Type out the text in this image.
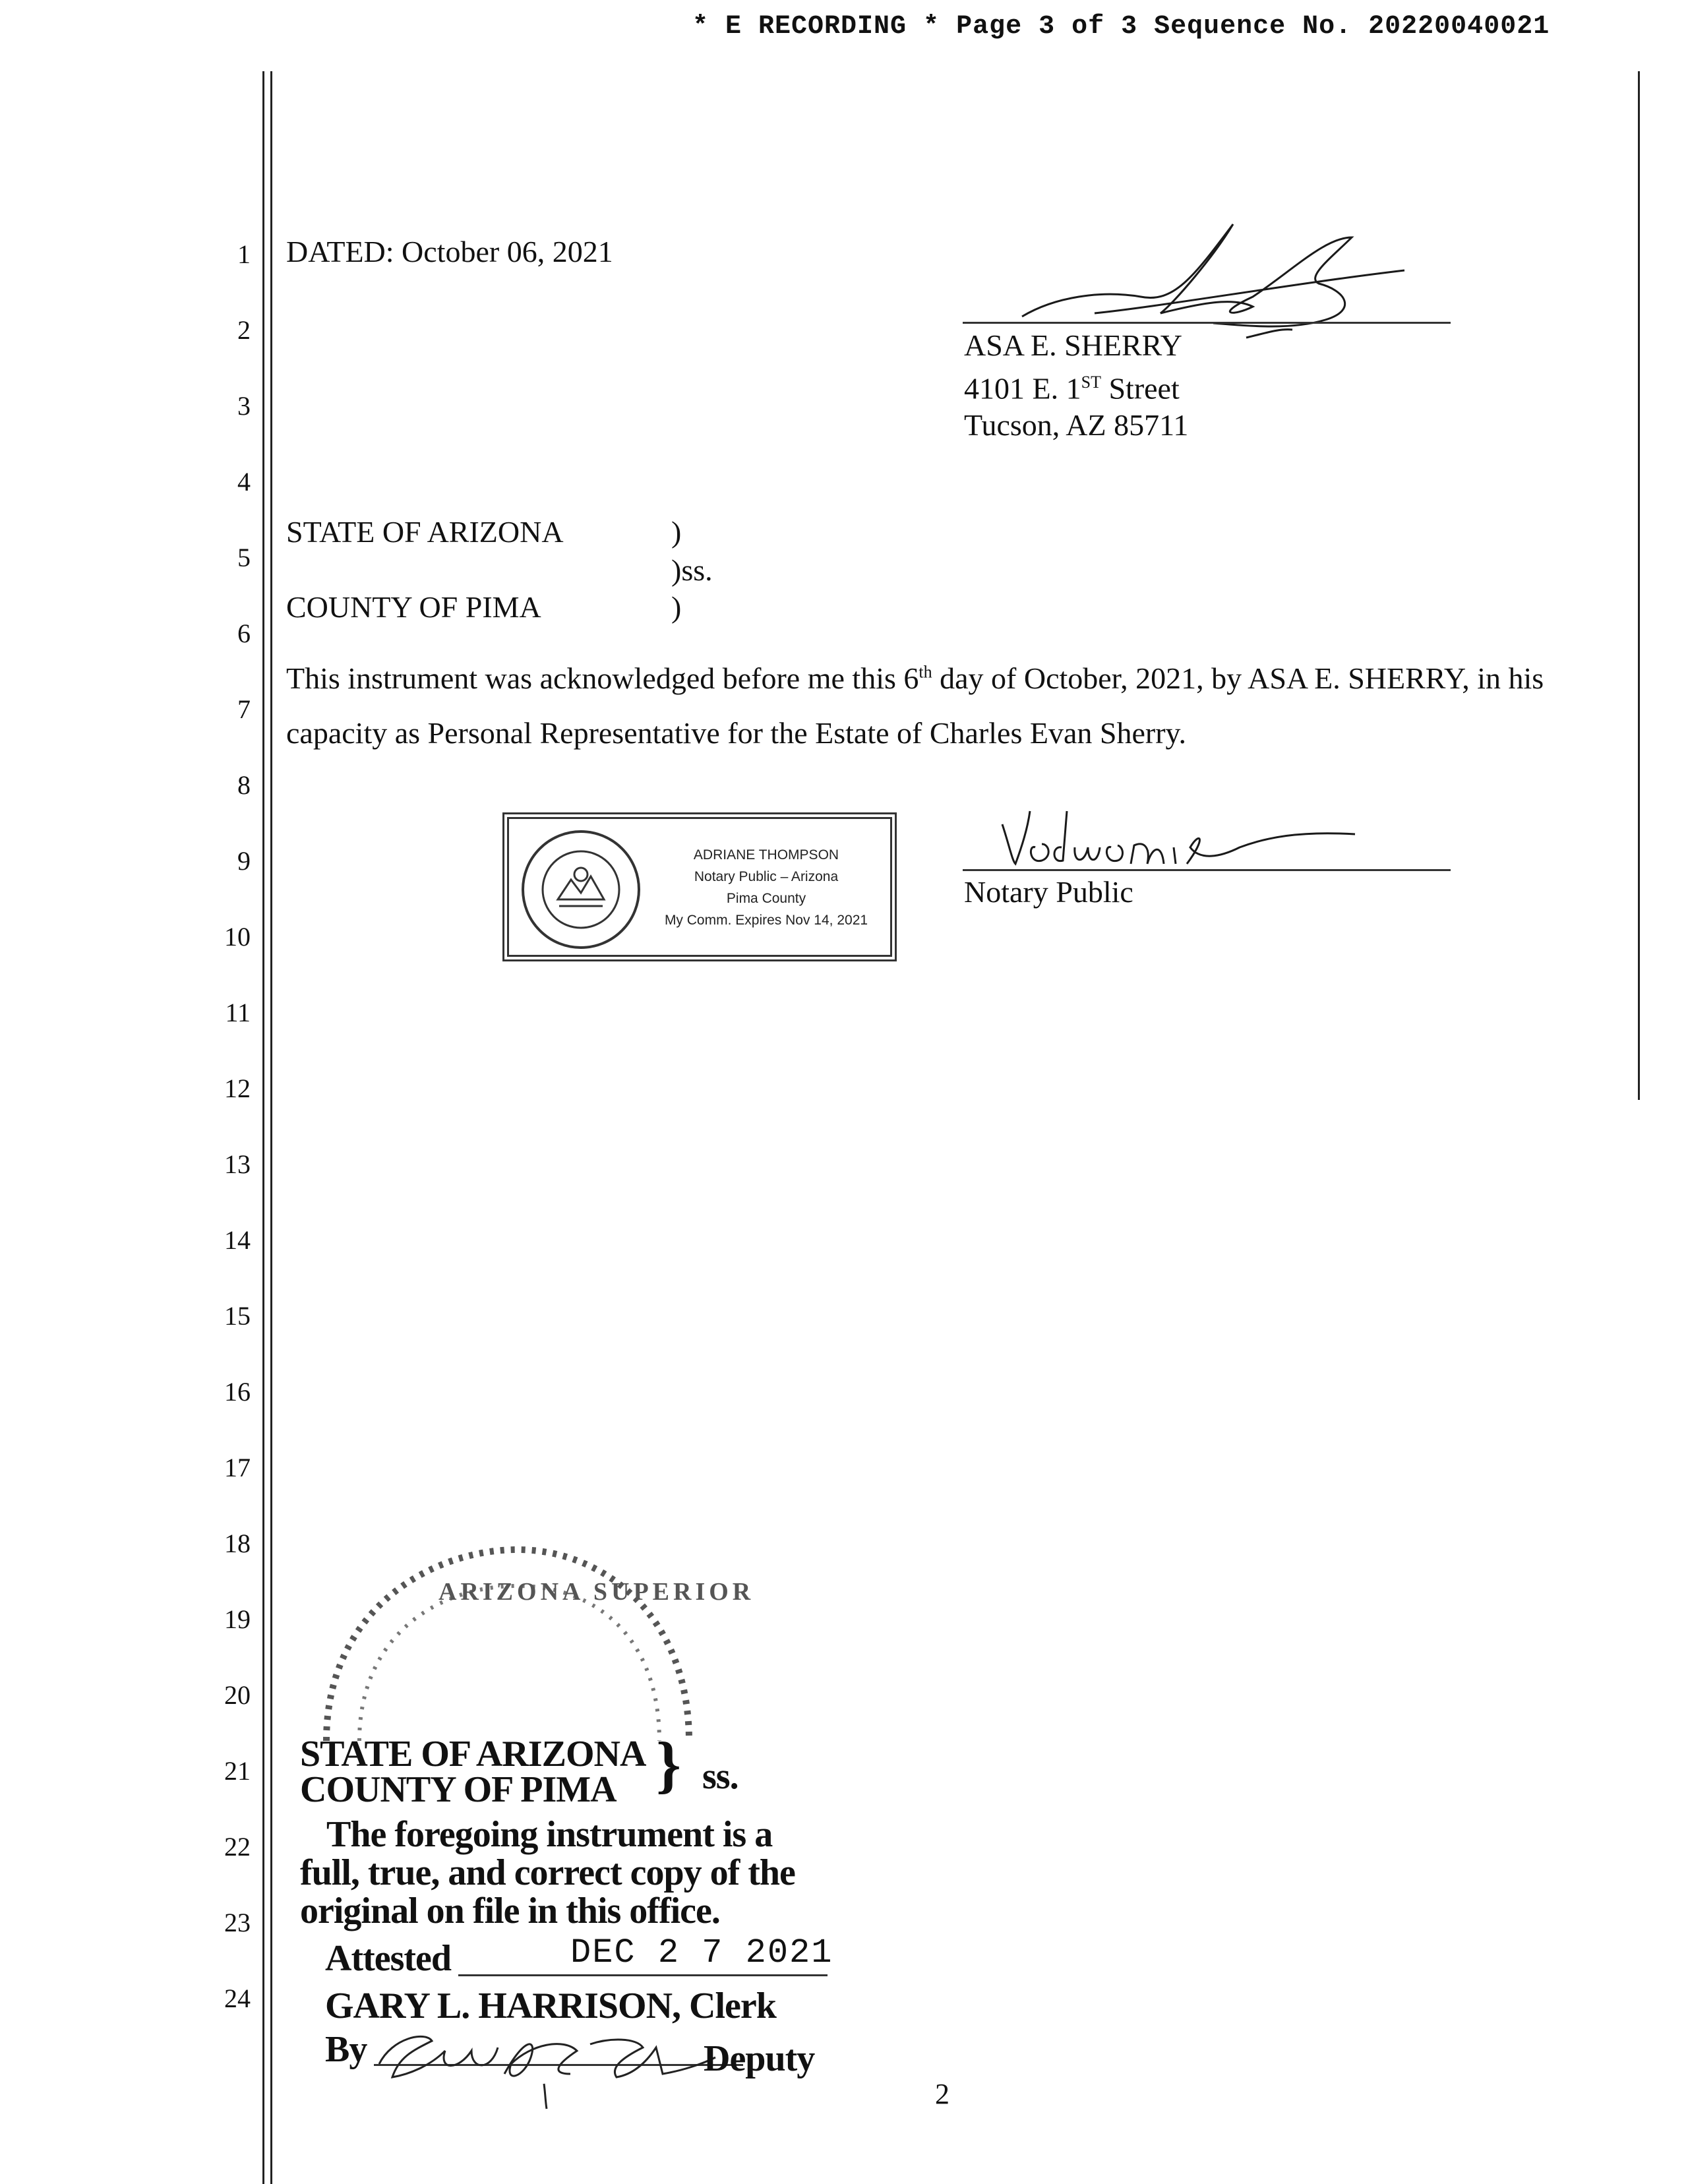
* E RECORDING * Page 3 of 3 Sequence No. 20220040021
1
2
3
4
5
6
7
8
9
10
11
12
13
14
15
16
17
18
19
20
21
22
23
24
DATED: October 06, 2021
ASA E. SHERRY
4101 E. 1ST Street
Tucson, AZ 85711
STATE OF ARIZONA	)
)ss.
COUNTY OF PIMA	)
This instrument was acknowledged before me this 6th day of October, 2021, by ASA E. SHERRY, in his
capacity as Personal Representative for the Estate of Charles Evan Sherry.
ADRIANE THOMPSON
Notary Public – Arizona
Pima County
My Comm. Expires Nov 14, 2021
Notary Public
ARIZONA SUPERIOR
STATE OF ARIZONA } ss.
COUNTY OF PIMA
The foregoing instrument is a
full, true, and correct copy of the
original on file in this office.
Attested	DEC 2 7 2021
GARY L. HARRISON, Clerk
By	Deputy
2
